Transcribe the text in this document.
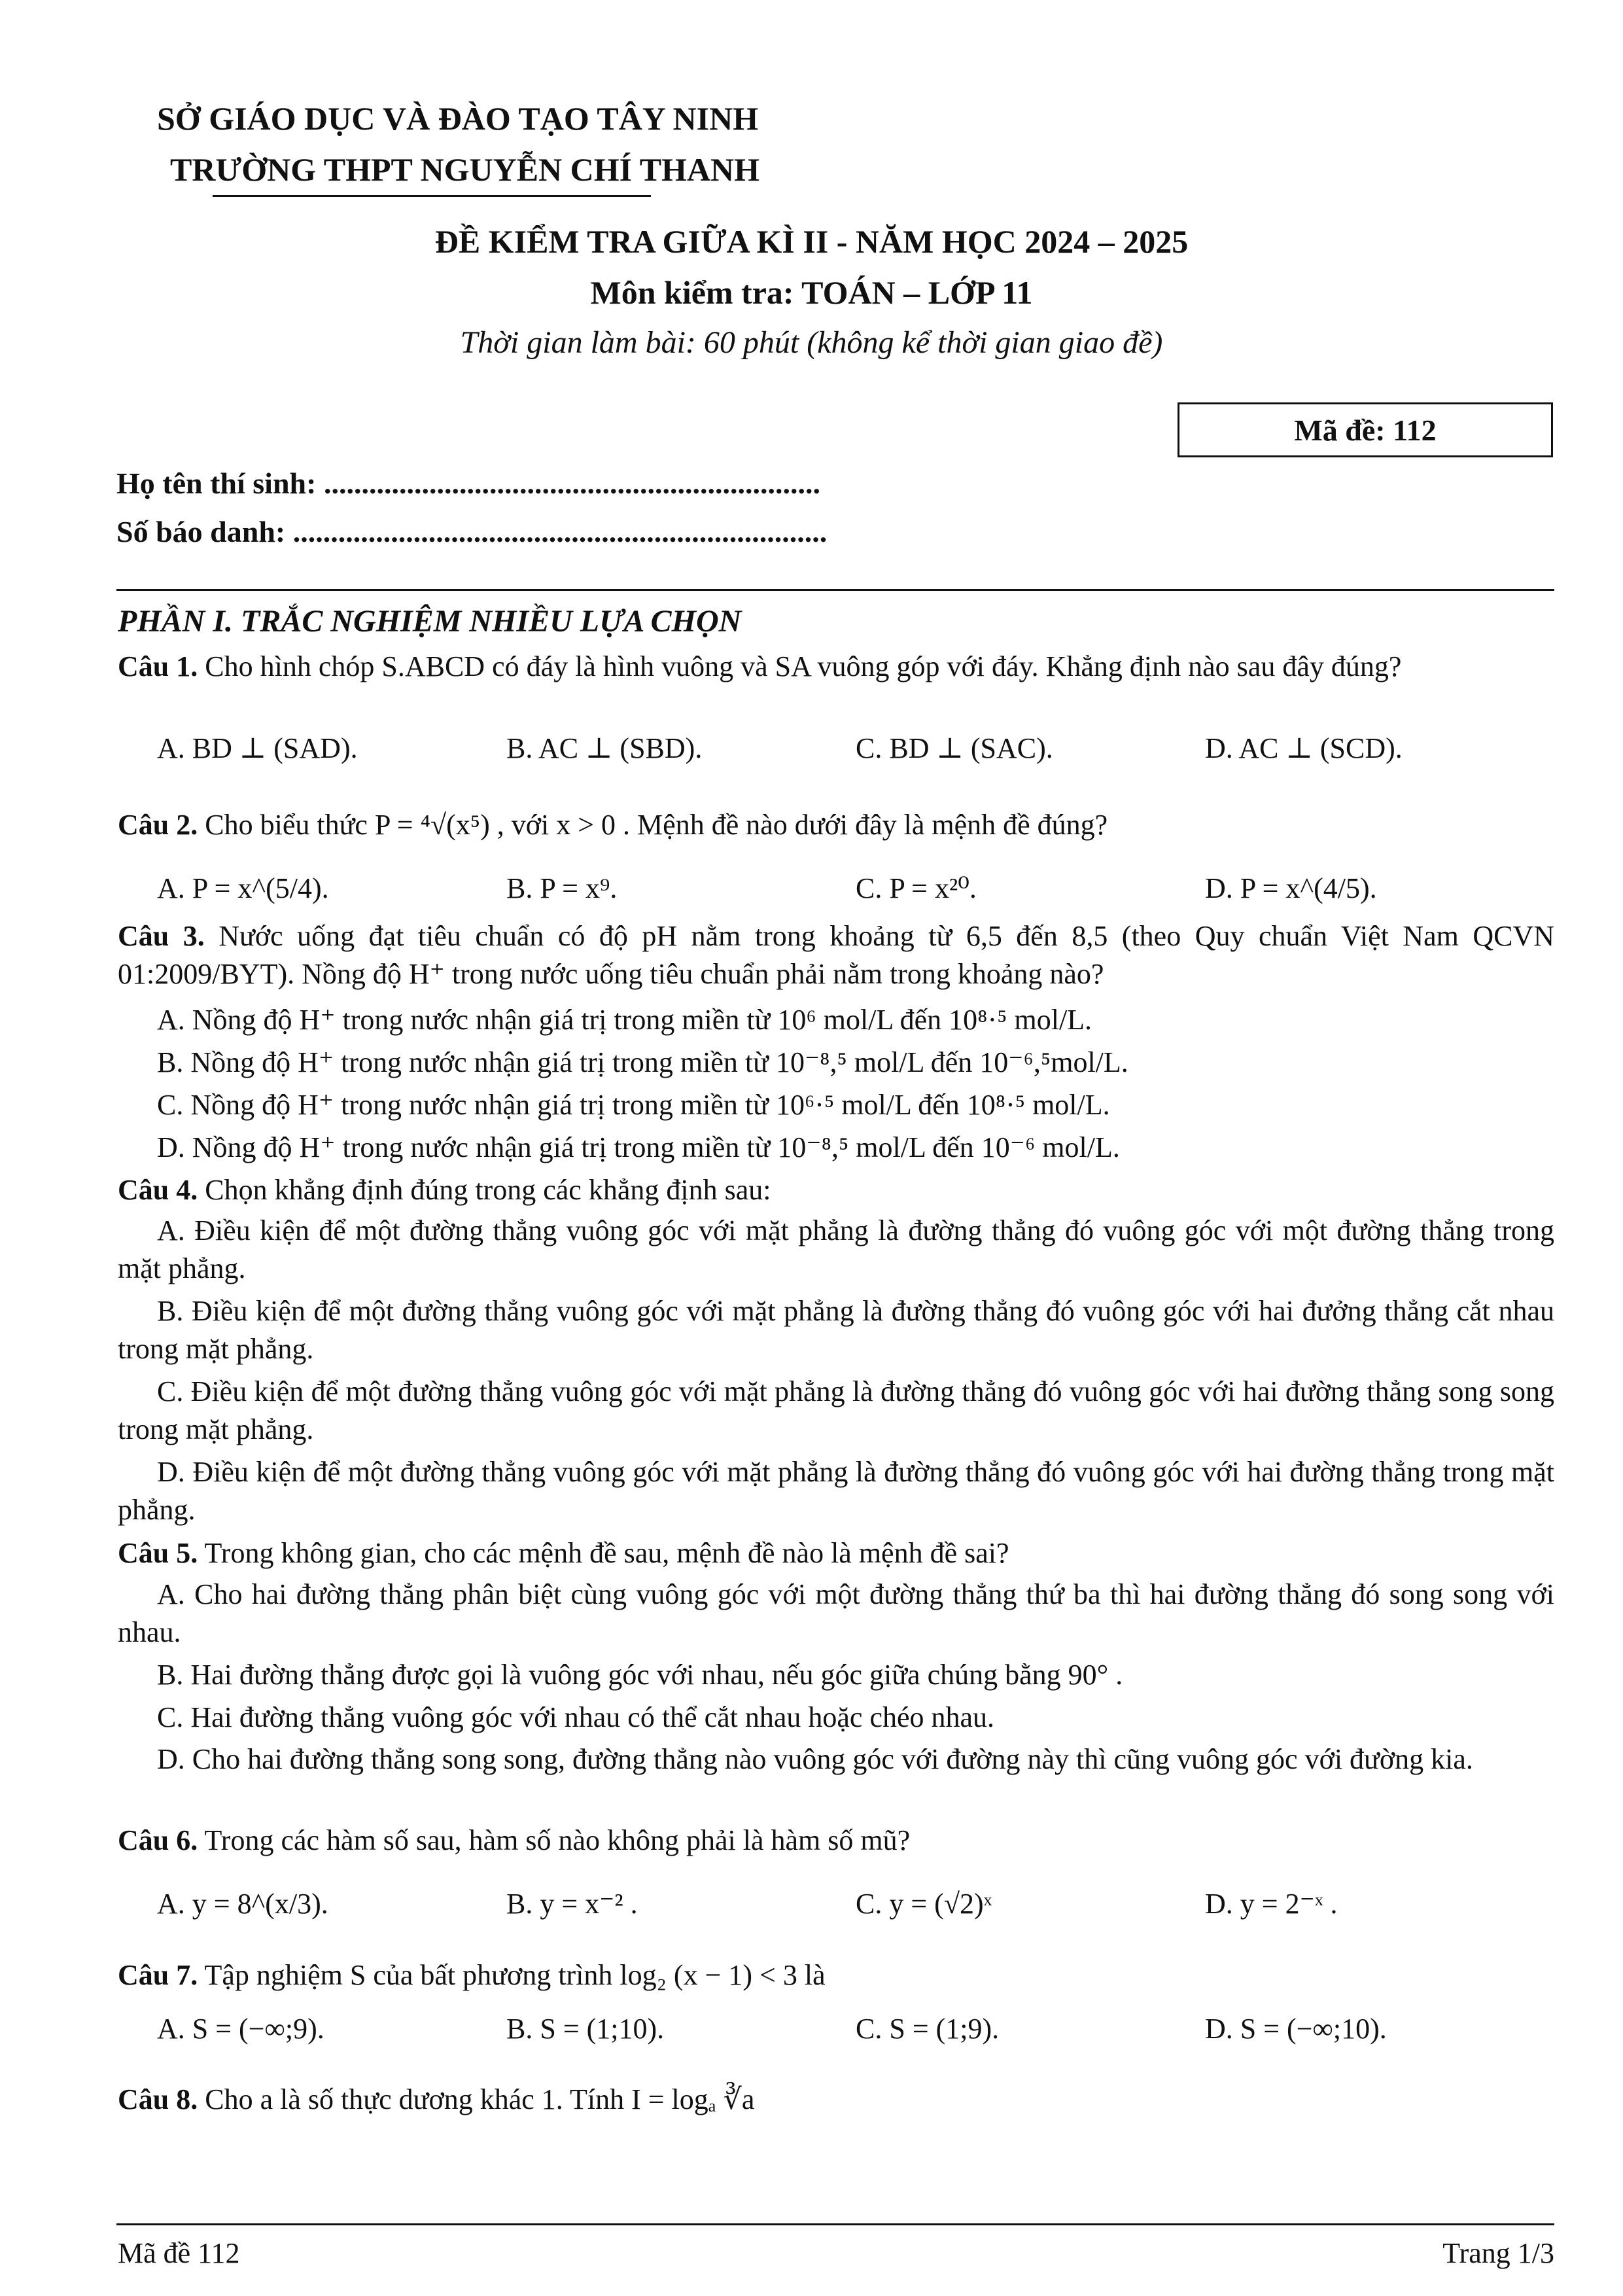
SỞ GIÁO DỤC VÀ ĐÀO TẠO TÂY NINH
TRƯỜNG THPT NGUYỄN CHÍ THANH
ĐỀ KIỂM TRA GIỮA KÌ II - NĂM HỌC 2024 – 2025
Môn kiểm tra: TOÁN – LỚP 11
Thời gian làm bài: 60 phút (không kể thời gian giao đề)
Mã đề: 112
Họ tên thí sinh: ..................................................................
Số báo danh: .......................................................................
PHẦN I. TRẮC NGHIỆM NHIỀU LỰA CHỌN
Câu 1. Cho hình chóp S.ABCD có đáy là hình vuông và SA vuông góp với đáy. Khẳng định nào sau đây đúng?
A. BD ⊥ (SAD).	B. AC ⊥ (SBD).	C. BD ⊥ (SAC).	D. AC ⊥ (SCD).
Câu 2. Cho biểu thức P = ⁴√(x⁵) , với x > 0 . Mệnh đề nào dưới đây là mệnh đề đúng?
A. P = x^(5/4).	B. P = x⁹.	C. P = x²⁰.	D. P = x^(4/5).
Câu 3. Nước uống đạt tiêu chuẩn có độ pH nằm trong khoảng từ 6,5 đến 8,5 (theo Quy chuẩn Việt Nam QCVN 01:2009/BYT). Nồng độ H⁺ trong nước uống tiêu chuẩn phải nằm trong khoảng nào?
A. Nồng độ H⁺ trong nước nhận giá trị trong miền từ 10⁶ mol/L đến 10⁸·⁵ mol/L.
B. Nồng độ H⁺ trong nước nhận giá trị trong miền từ 10⁻⁸,⁵ mol/L đến 10⁻⁶,⁵mol/L.
C. Nồng độ H⁺ trong nước nhận giá trị trong miền từ 10⁶·⁵ mol/L đến 10⁸·⁵ mol/L.
D. Nồng độ H⁺ trong nước nhận giá trị trong miền từ 10⁻⁸,⁵ mol/L đến 10⁻⁶ mol/L.
Câu 4. Chọn khẳng định đúng trong các khẳng định sau:
A. Điều kiện để một đường thẳng vuông góc với mặt phẳng là đường thẳng đó vuông góc với một đường thẳng trong mặt phẳng.
B. Điều kiện để một đường thẳng vuông góc với mặt phẳng là đường thẳng đó vuông góc với hai đưởng thẳng cắt nhau trong mặt phẳng.
C. Điều kiện để một đường thẳng vuông góc với mặt phẳng là đường thẳng đó vuông góc với hai đường thẳng song song trong mặt phẳng.
D. Điều kiện để một đường thẳng vuông góc với mặt phẳng là đường thẳng đó vuông góc với hai đường thẳng trong mặt phẳng.
Câu 5. Trong không gian, cho các mệnh đề sau, mệnh đề nào là mệnh đề sai?
A. Cho hai đường thẳng phân biệt cùng vuông góc với một đường thẳng thứ ba thì hai đường thẳng đó song song với nhau.
B. Hai đường thẳng được gọi là vuông góc với nhau, nếu góc giữa chúng bằng 90° .
C. Hai đường thẳng vuông góc với nhau có thể cắt nhau hoặc chéo nhau.
D. Cho hai đường thẳng song song, đường thẳng nào vuông góc với đường này thì cũng vuông góc với đường kia.
Câu 6. Trong các hàm số sau, hàm số nào không phải là hàm số mũ?
A. y = 8^(x/3).	B. y = x⁻² .	C. y = (√2)ˣ	D. y = 2⁻ˣ .
Câu 7. Tập nghiệm S của bất phương trình log₂ (x − 1) < 3 là
A. S = (−∞;9).	B. S = (1;10).	C. S = (1;9).	D. S = (−∞;10).
Câu 8. Cho a là số thực dương khác 1. Tính I = logₐ ∛a
Mã đề 112	Trang 1/3
